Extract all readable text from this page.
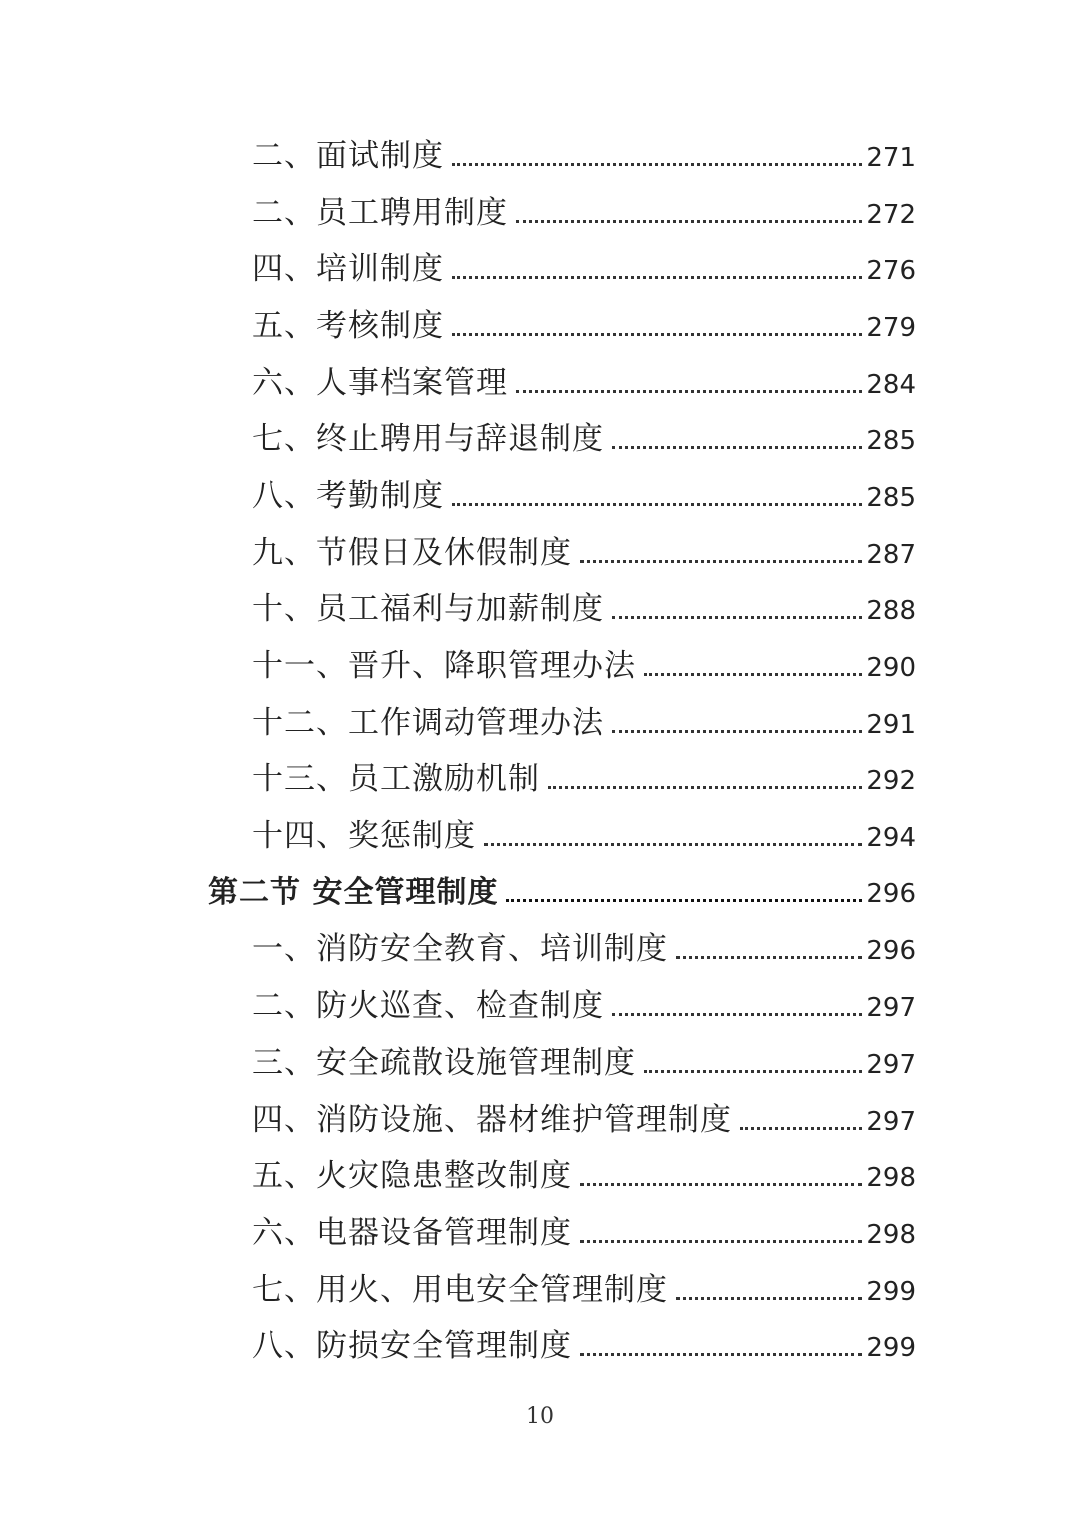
二、面试制度	271
二、员工聘用制度	272
四、培训制度	276
五、考核制度	279
六、人事档案管理	284
七、终止聘用与辞退制度	285
八、考勤制度	285
九、节假日及休假制度	287
十、员工福利与加薪制度	288
十一、晋升、降职管理办法	290
十二、工作调动管理办法	291
十三、员工激励机制	292
十四、奖惩制度	294
第二节 安全管理制度	296
一、消防安全教育、培训制度	296
二、防火巡查、检查制度	297
三、安全疏散设施管理制度	297
四、消防设施、器材维护管理制度	297
五、火灾隐患整改制度	298
六、电器设备管理制度	298
七、用火、用电安全管理制度	299
八、防损安全管理制度	299
10
